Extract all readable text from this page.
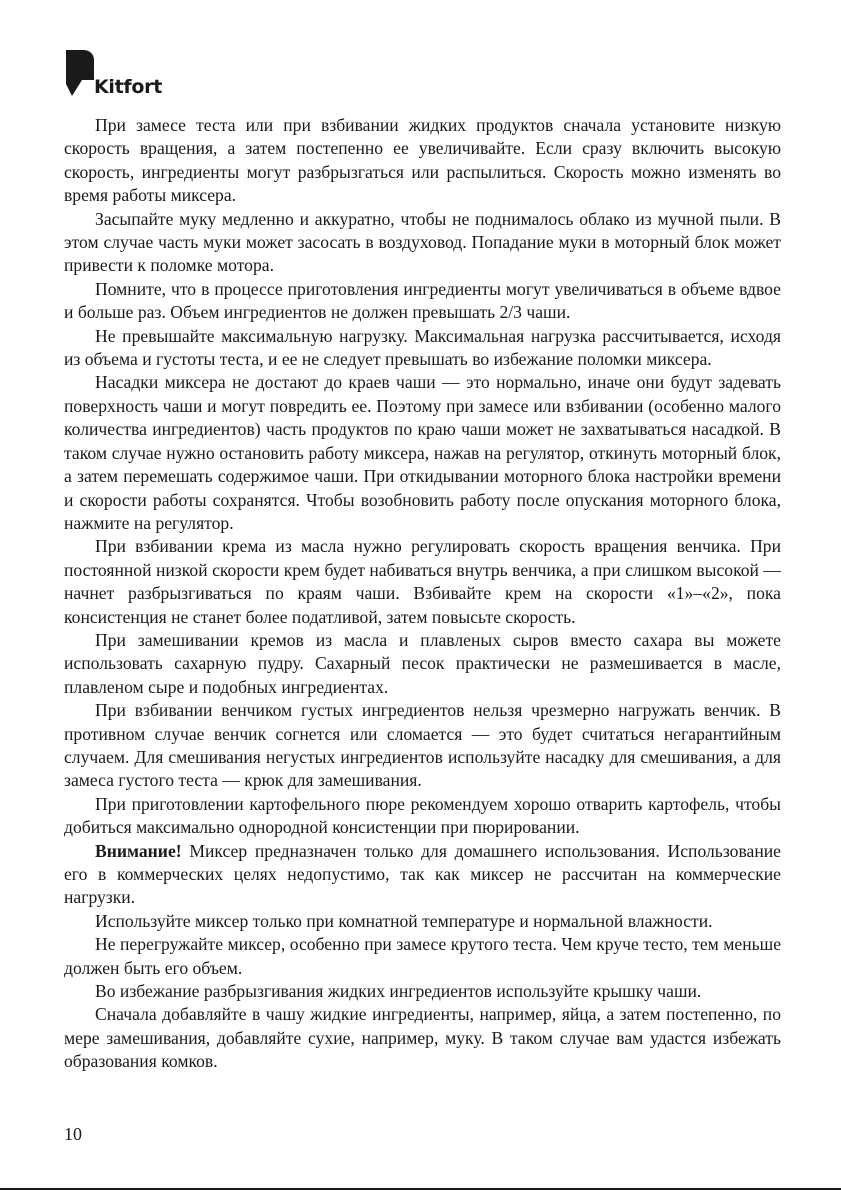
Kitfort

При замесе теста или при взбивании жидких продуктов сначала установите низкую скорость вращения, а затем постепенно ее увеличивайте. Если сразу включить высокую скорость, ингредиенты могут разбрызгаться или распылиться. Скорость можно изменять во время работы миксера.

Засыпайте муку медленно и аккуратно, чтобы не поднималось облако из мучной пыли. В этом случае часть муки может засосать в воздуховод. Попадание муки в моторный блок может привести к поломке мотора.

Помните, что в процессе приготовления ингредиенты могут увеличиваться в объеме вдвое и больше раз. Объем ингредиентов не должен превышать 2/3 чаши.

Не превышайте максимальную нагрузку. Максимальная нагрузка рассчитывается, исходя из объема и густоты теста, и ее не следует превышать во избежание поломки миксера.

Насадки миксера не достают до краев чаши — это нормально, иначе они будут задевать поверхность чаши и могут повредить ее. Поэтому при замесе или взбивании (особенно малого количества ингредиентов) часть продуктов по краю чаши может не захватываться насадкой. В таком случае нужно остановить работу миксера, нажав на регулятор, откинуть моторный блок, а затем перемешать содержимое чаши. При откидывании моторного блока настройки времени и скорости работы сохранятся. Чтобы возобновить работу после опускания моторного блока, нажмите на регулятор.

При взбивании крема из масла нужно регулировать скорость вращения венчика. При постоянной низкой скорости крем будет набиваться внутрь венчика, а при слишком высокой — начнет разбрызгиваться по краям чаши. Взбивайте крем на скорости «1»–«2», пока консистенция не станет более податливой, затем повысьте скорость.

При замешивании кремов из масла и плавленых сыров вместо сахара вы можете использовать сахарную пудру. Сахарный песок практически не размешивается в масле, плавленом сыре и подобных ингредиентах.

При взбивании венчиком густых ингредиентов нельзя чрезмерно нагружать венчик. В противном случае венчик согнется или сломается — это будет считаться негарантийным случаем. Для смешивания негустых ингредиентов используйте насадку для смешивания, а для замеса густого теста — крюк для замешивания.

При приготовлении картофельного пюре рекомендуем хорошо отварить картофель, чтобы добиться максимально однородной консистенции при пюрировании.

Внимание! Миксер предназначен только для домашнего использования. Использование его в коммерческих целях недопустимо, так как миксер не рассчитан на коммерческие нагрузки.

Используйте миксер только при комнатной температуре и нормальной влажности.

Не перегружайте миксер, особенно при замесе крутого теста. Чем круче тесто, тем меньше должен быть его объем.

Во избежание разбрызгивания жидких ингредиентов используйте крышку чаши.

Сначала добавляйте в чашу жидкие ингредиенты, например, яйца, а затем постепенно, по мере замешивания, добавляйте сухие, например, муку. В таком случае вам удастся избежать образования комков.

10
